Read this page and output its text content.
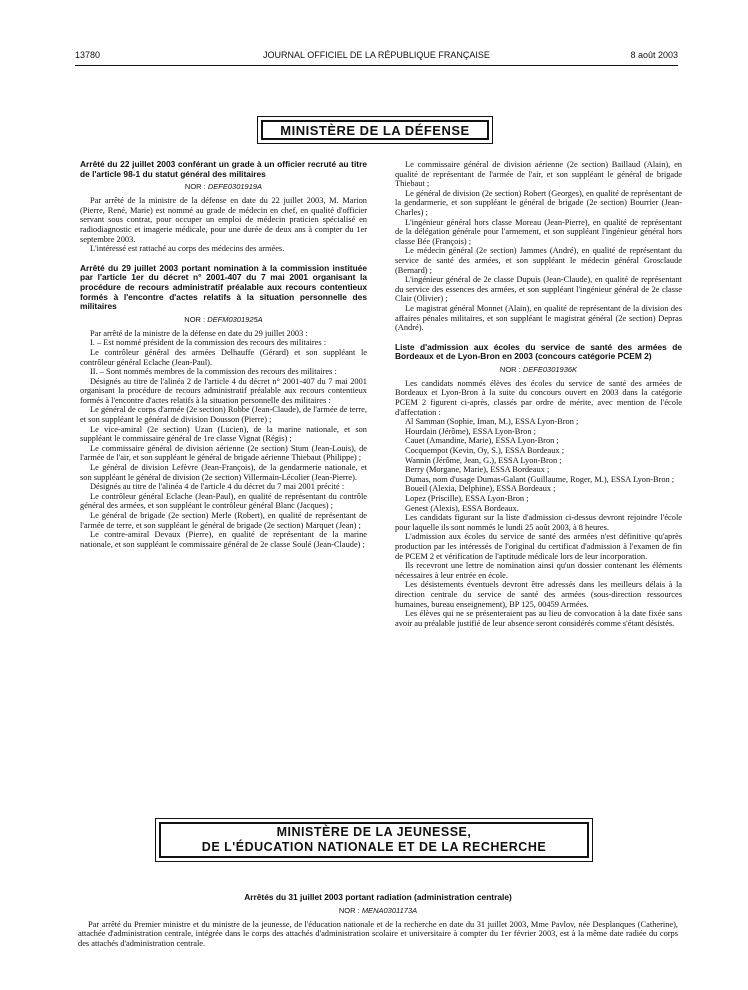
13780	JOURNAL OFFICIEL DE LA RÉPUBLIQUE FRANÇAISE	8 août 2003
MINISTÈRE DE LA DÉFENSE
Arrêté du 22 juillet 2003 conférant un grade à un officier recruté au titre de l'article 98-1 du statut général des militaires
NOR : DEFE0301919A

Par arrêté de la ministre de la défense en date du 22 juillet 2003, M. Marion (Pierre, René, Marie) est nommé au grade de médecin en chef, en qualité d'officier servant sous contrat, pour occuper un emploi de médecin praticien spécialisé en radiodiagnostic et imagerie médicale, pour une durée de deux ans à compter du 1er septembre 2003.

L'intéressé est rattaché au corps des médecins des armées.

Arrêté du 29 juillet 2003 portant nomination à la commission instituée par l'article 1er du décret n° 2001-407 du 7 mai 2001 organisant la procédure de recours administratif préalable aux recours contentieux formés à l'encontre d'actes relatifs à la situation personnelle des militaires
NOR : DEFM0301925A

Par arrêté de la ministre de la défense en date du 29 juillet 2003 :

I. – Est nommé président de la commission des recours des militaires :

Le contrôleur général des armées Delhauffe (Gérard) et son suppléant le contrôleur général Eclache (Jean-Paul).

II. – Sont nommés membres de la commission des recours des militaires :

Désignés au titre de l'alinéa 2 de l'article 4 du décret n° 2001-407 du 7 mai 2001 organisant la procédure de recours administratif préalable aux recours contentieux formés à l'encontre d'actes relatifs à la situation personnelle des militaires :

Le général de corps d'armée (2e section) Robbe (Jean-Claude), de l'armée de terre, et son suppléant le général de division Dousson (Pierre) ;

Le vice-amiral (2e section) Uzan (Lucien), de la marine nationale, et son suppléant le commissaire général de 1re classe Vignat (Régis) ;

Le commissaire général de division aérienne (2e section) Stum (Jean-Louis), de l'armée de l'air, et son suppléant le général de brigade aérienne Thiebaut (Philippe) ;

Le général de division Lefèvre (Jean-François), de la gendarmerie nationale, et son suppléant le général de division (2e section) Villermain-Lécolier (Jean-Pierre).

Désignés au titre de l'alinéa 4 de l'article 4 du décret du 7 mai 2001 précité :

Le contrôleur général Eclache (Jean-Paul), en qualité de représentant du contrôle général des armées, et son suppléant le contrôleur général Blanc (Jacques) ;

Le général de brigade (2e section) Merle (Robert), en qualité de représentant de l'armée de terre, et son suppléant le général de brigade (2e section) Marquet (Jean) ;

Le contre-amiral Devaux (Pierre), en qualité de représentant de la marine nationale, et son suppléant le commissaire général de 2e classe Soulé (Jean-Claude) ;

Le commissaire général de division aérienne (2e section) Baillaud (Alain), en qualité de représentant de l'armée de l'air, et son suppléant le général de brigade Thiebaut ;

Le général de division (2e section) Robert (Georges), en qualité de représentant de la gendarmerie, et son suppléant le général de brigade (2e section) Bourrier (Jean-Charles) ;

L'ingénieur général hors classe Moreau (Jean-Pierre), en qualité de représentant de la délégation générale pour l'armement, et son suppléant l'ingénieur général hors classe Bée (François) ;

Le médecin général (2e section) Jammes (André), en qualité de représentant du service de santé des armées, et son suppléant le médecin général Grosclaude (Bernard) ;

L'ingénieur général de 2e classe Dupuis (Jean-Claude), en qualité de représentant du service des essences des armées, et son suppléant l'ingénieur général de 2e classe Clair (Olivier) ;

Le magistrat général Monnet (Alain), en qualité de représentant de la division des affaires pénales militaires, et son suppléant le magistrat général (2e section) Depras (André).

Liste d'admission aux écoles du service de santé des armées de Bordeaux et de Lyon-Bron en 2003 (concours catégorie PCEM 2)
NOR : DEFE0301936K

Les candidats nommés élèves des écoles du service de santé des armées de Bordeaux et Lyon-Bron à la suite du concours ouvert en 2003 dans la catégorie PCEM 2 figurent ci-après, classés par ordre de mérite, avec mention de l'école d'affectation :

Al Samman (Sophie, Iman, M.), ESSA Lyon-Bron ;

Hourdain (Jérôme), ESSA Lyon-Bron ;

Cauet (Amandine, Marie), ESSA Lyon-Bron ;

Cocquempot (Kevin, Oy, S.), ESSA Bordeaux ;

Wannin (Jérôme, Jean, G.), ESSA Lyon-Bron ;

Berry (Morgane, Marie), ESSA Bordeaux ;

Dumas, nom d'usage Dumas-Galant (Guillaume, Roger, M.), ESSA Lyon-Bron ;

Boueil (Alexia, Delphine), ESSA Bordeaux ;

Lopez (Priscille), ESSA Lyon-Bron ;

Genest (Alexis), ESSA Bordeaux.

Les candidats figurant sur la liste d'admission ci-dessus devront rejoindre l'école pour laquelle ils sont nommés le lundi 25 août 2003, à 8 heures.

L'admission aux écoles du service de santé des armées n'est définitive qu'après production par les intéressés de l'original du certificat d'admission à l'examen de fin de PCEM 2 et vérification de l'aptitude médicale lors de leur incorporation.

Ils recevront une lettre de nomination ainsi qu'un dossier contenant les éléments nécessaires à leur entrée en école.

Les désistements éventuels devront être adressés dans les meilleurs délais à la direction centrale du service de santé des armées (sous-direction ressources humaines, bureau enseignement), BP 125, 00459 Armées.

Les élèves qui ne se présenteraient pas au lieu de convocation à la date fixée sans avoir au préalable justifié de leur absence seront considérés comme s'étant désistés.

MINISTÈRE DE LA JEUNESSE,
DE L'ÉDUCATION NATIONALE ET DE LA RECHERCHE
Arrêtés du 31 juillet 2003 portant radiation (administration centrale)
NOR : MENA0301173A

Par arrêté du Premier ministre et du ministre de la jeunesse, de l'éducation nationale et de la recherche en date du 31 juillet 2003, Mme Pavlov, née Desplanques (Catherine), attachée d'administration centrale, intégrée dans le corps des attachés d'administration scolaire et universitaire à compter du 1er février 2003, est à la même date radiée du corps des attachés d'administration centrale.
